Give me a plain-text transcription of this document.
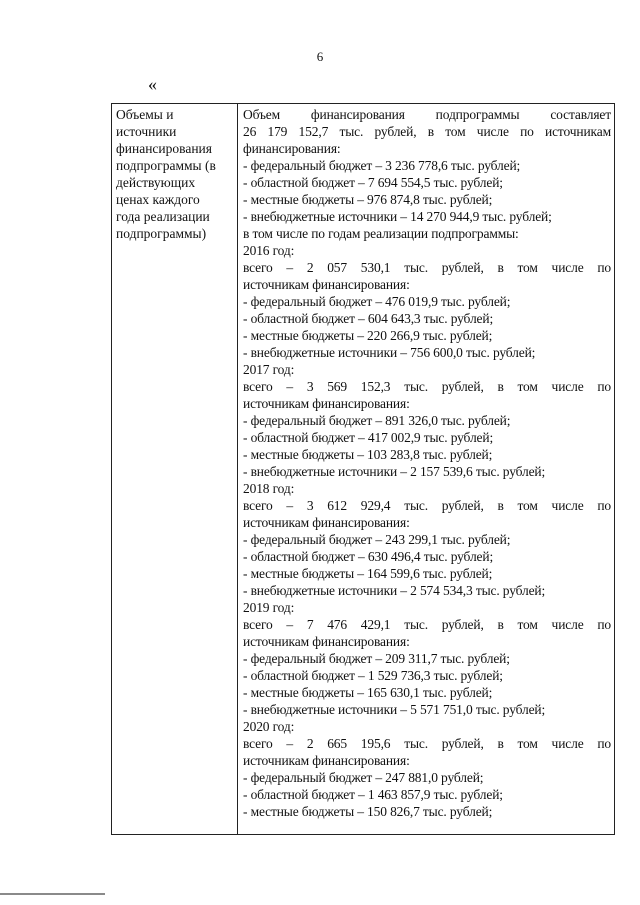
6
«
Объемы и
источники
финансирования
подпрограммы (в
действующих
ценах каждого
года реализации
подпрограммы)
Объем финансирования подпрограммы составляет
26 179 152,7 тыс. рублей, в том числе по источникам
финансирования:
- федеральный бюджет – 3 236 778,6 тыс. рублей;
- областной бюджет – 7 694 554,5 тыс. рублей;
- местные бюджеты – 976 874,8 тыс. рублей;
- внебюджетные источники – 14 270 944,9 тыс. рублей;
в том числе по годам реализации подпрограммы:
2016 год:
всего – 2 057 530,1 тыс. рублей, в том числе по
источникам финансирования:
- федеральный бюджет – 476 019,9 тыс. рублей;
- областной бюджет – 604 643,3 тыс. рублей;
- местные бюджеты – 220 266,9 тыс. рублей;
- внебюджетные источники – 756 600,0 тыс. рублей;
2017 год:
всего – 3 569 152,3 тыс. рублей, в том числе по
источникам финансирования:
- федеральный бюджет – 891 326,0 тыс. рублей;
- областной бюджет – 417 002,9 тыс. рублей;
- местные бюджеты – 103 283,8 тыс. рублей;
- внебюджетные источники – 2 157 539,6 тыс. рублей;
2018 год:
всего – 3 612 929,4 тыс. рублей, в том числе по
источникам финансирования:
- федеральный бюджет – 243 299,1 тыс. рублей;
- областной бюджет – 630 496,4 тыс. рублей;
- местные бюджеты – 164 599,6 тыс. рублей;
- внебюджетные источники – 2 574 534,3 тыс. рублей;
2019 год:
всего – 7 476 429,1 тыс. рублей, в том числе по
источникам финансирования:
- федеральный бюджет – 209 311,7 тыс. рублей;
- областной бюджет – 1 529 736,3 тыс. рублей;
- местные бюджеты – 165 630,1 тыс. рублей;
- внебюджетные источники – 5 571 751,0 тыс. рублей;
2020 год:
всего – 2 665 195,6 тыс. рублей, в том числе по
источникам финансирования:
- федеральный бюджет – 247 881,0 рублей;
- областной бюджет – 1 463 857,9 тыс. рублей;
- местные бюджеты – 150 826,7 тыс. рублей;
